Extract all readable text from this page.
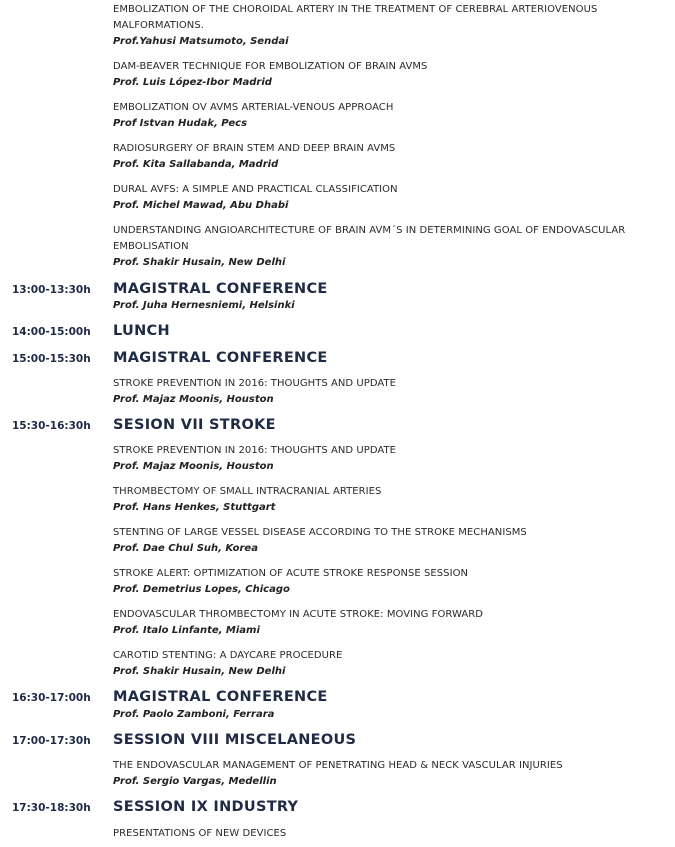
EMBOLIZATION OF THE CHOROIDAL ARTERY IN THE TREATMENT OF CEREBRAL ARTERIOVENOUS
MALFORMATIONS.
Prof.Yahusi Matsumoto, Sendai
DAM-BEAVER TECHNIQUE FOR EMBOLIZATION OF BRAIN AVMS
Prof. Luis López-Ibor Madrid
EMBOLIZATION OV AVMS ARTERIAL-VENOUS APPROACH
Prof Istvan Hudak, Pecs
RADIOSURGERY OF BRAIN STEM AND DEEP BRAIN AVMS
Prof. Kita Sallabanda, Madrid
DURAL AVFS: A SIMPLE AND PRACTICAL CLASSIFICATION
Prof. Michel Mawad, Abu Dhabi
UNDERSTANDING ANGIOARCHITECTURE OF BRAIN AVM´S IN DETERMINING GOAL OF ENDOVASCULAR
EMBOLISATION
Prof. Shakir Husain, New Delhi
13:00-13:30h MAGISTRAL CONFERENCE
Prof. Juha Hernesniemi, Helsinki
14:00-15:00h LUNCH
15:00-15:30h MAGISTRAL CONFERENCE
STROKE PREVENTION IN 2016: THOUGHTS AND UPDATE
Prof. Majaz Moonis, Houston
15:30-16:30h SESION VII STROKE
STROKE PREVENTION IN 2016: THOUGHTS AND UPDATE
Prof. Majaz Moonis, Houston
THROMBECTOMY OF SMALL INTRACRANIAL ARTERIES
Prof. Hans Henkes, Stuttgart
STENTING OF LARGE VESSEL DISEASE ACCORDING TO THE STROKE MECHANISMS
Prof. Dae Chul Suh, Korea
STROKE ALERT: OPTIMIZATION OF ACUTE STROKE RESPONSE SESSION
Prof. Demetrius Lopes, Chicago
ENDOVASCULAR THROMBECTOMY IN ACUTE STROKE: MOVING FORWARD
Prof. Italo Linfante, Miami
CAROTID STENTING: A DAYCARE PROCEDURE
Prof. Shakir Husain, New Delhi
16:30-17:00h MAGISTRAL CONFERENCE
Prof. Paolo Zamboni, Ferrara
17:00-17:30h SESSION VIII MISCELANEOUS
THE ENDOVASCULAR MANAGEMENT OF PENETRATING HEAD & NECK VASCULAR INJURIES
Prof. Sergio Vargas, Medellin
17:30-18:30h SESSION IX INDUSTRY
PRESENTATIONS OF NEW DEVICES
